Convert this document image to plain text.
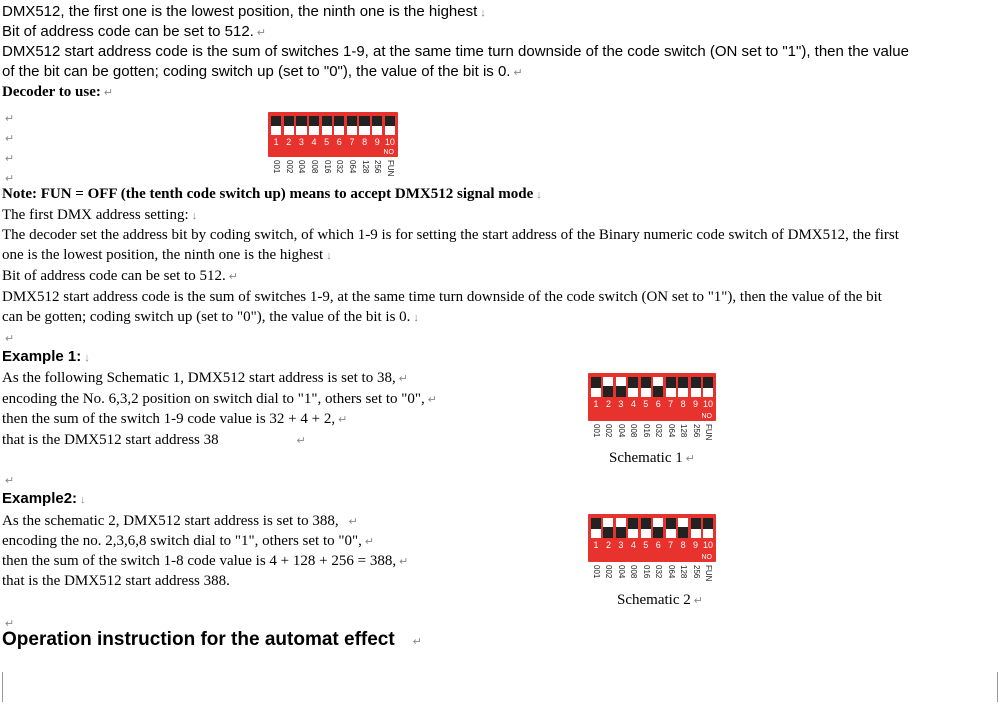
DMX512, the first one is the lowest position, the ninth one is the highest ↓
Bit of address code can be set to 512. ↵
DMX512 start address code is the sum of switches 1-9, at the same time turn downside of the code switch (ON set to "1"), then the value
of the bit can be gotten; coding switch up (set to "0"), the value of the bit is 0. ↵
Decoder to use: ↵
↵
↵
↵
↵
1 2 3 4 5 6 7 8 9 10
NO
001 002 004 008 016 032 064 128 256 FUN
Note: FUN = OFF (the tenth code switch up) means to accept DMX512 signal mode ↓
The first DMX address setting: ↓
The decoder set the address bit by coding switch, of which 1-9 is for setting the start address of the Binary numeric code switch of DMX512, the first
one is the lowest position, the ninth one is the highest ↓
Bit of address code can be set to 512. ↵
DMX512 start address code is the sum of switches 1-9, at the same time turn downside of the code switch (ON set to "1"), then the value of the bit
can be gotten; coding switch up (set to "0"), the value of the bit is 0. ↓
↵
Example 1: ↓
As the following Schematic 1, DMX512 start address is set to 38, ↵
encoding the No. 6,3,2 position on switch dial to "1", others set to "0", ↵
then the sum of the switch 1-9 code value is 32 + 4 + 2, ↵
that is the DMX512 start address 38	↵
1 2 3 4 5 6 7 8 9 10
NO
001 002 004 008 016 032 064 128 256 FUN
Schematic 1 ↵
↵
Example2: ↓
As the schematic 2, DMX512 start address is set to 388, ↵
encoding the no. 2,3,6,8 switch dial to "1", others set to "0", ↵
then the sum of the switch 1-8 code value is 4 + 128 + 256 = 388, ↵
that is the DMX512 start address 388.
1 2 3 4 5 6 7 8 9 10
NO
001 002 004 008 016 032 064 128 256 FUN
Schematic 2 ↵
↵
Operation instruction for the automat effect ↵
